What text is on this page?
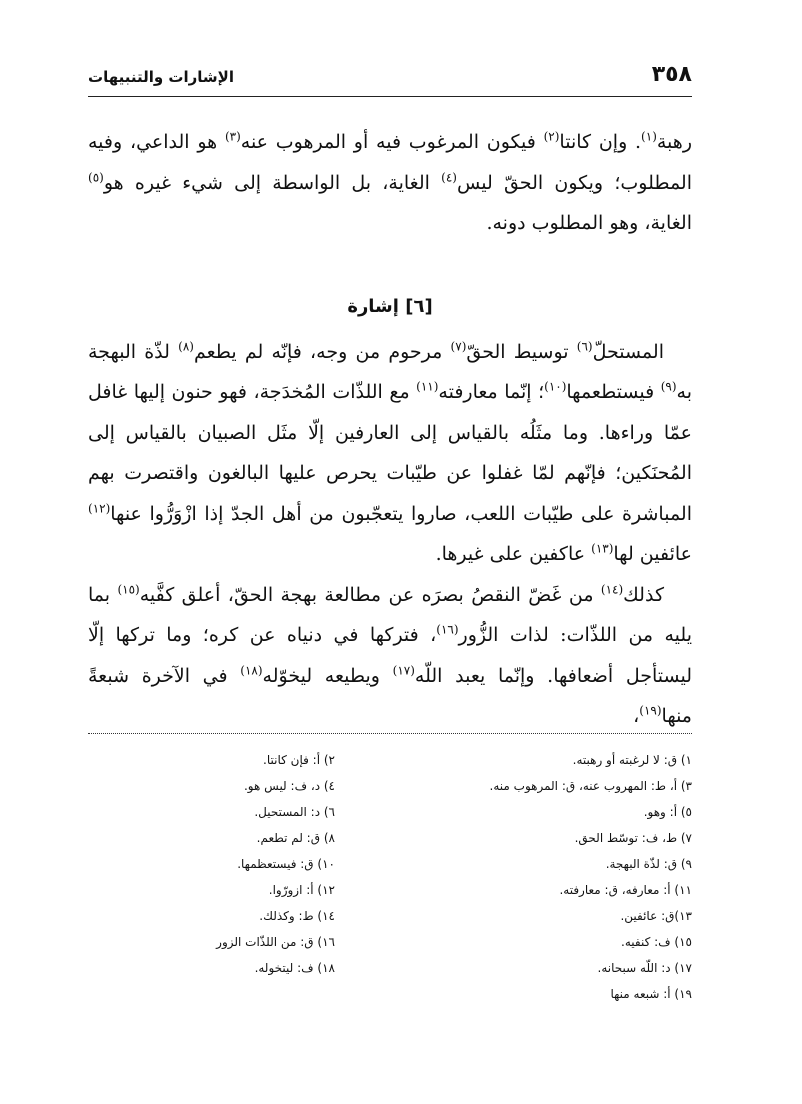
٣٥٨
الإشارات والتنبيهات

رهبة$^{(١)}$. وإن كانتا$^{(٢)}$ فيكون المرغوب فيه أو المرهوب عنه$^{(٣)}$ هو الداعي، وفيه المطلوب؛ ويكون الحقّ ليس$^{(٤)}$ الغاية، بل الواسطة إلى شيء غيره هو$^{(٥)}$ الغاية، وهو المطلوب دونه.

[٦] إشارة

المستحلّ$^{(٦)}$ توسيط الحقّ$^{(٧)}$ مرحوم من وجه، فإنّه لم يطعم$^{(٨)}$ لذّة البهجة به$^{(٩)}$ فيستطعمها$^{(١٠)}$؛ إنّما معارفته$^{(١١)}$ مع اللذّات المُخدَجة، فهو حنون إليها غافل عمّا وراءها. وما مثَلُه بالقياس إلى العارفين إلّا مثَل الصبيان بالقياس إلى المُحنَكين؛ فإنّهم لمّا غفلوا عن طيّبات يحرص عليها البالغون واقتصرت بهم المباشرة على طيّبات اللعب، صاروا يتعجّبون من أهل الجدّ إذا ازْوَرُّوا عنها$^{(١٢)}$ عائفين لها$^{(١٣)}$ عاكفين على غيرها.

كذلك$^{(١٤)}$ من غَضّ النقصُ بصرَه عن مطالعة بهجة الحقّ، أعلق كفَّيه$^{(١٥)}$ بما يليه من اللذّات: لذات الزُّور$^{(١٦)}$، فتركها في دنياه عن كره؛ وما تركها إلّا ليستأجل أضعافها. وإنّما يعبد اللّه$^{(١٧)}$ ويطيعه ليخوّله$^{(١٨)}$ في الآخرة شبعةً منها$^{(١٩)}$،

١) ق: لا لرغبته أو رهبته.
٢) أ: فإن كانتا.
٣) أ، ط: المهروب عنه، ق: المرهوب منه.
٤) د، ف: ليس هو.
٥) أ: وهو.
٦) د: المستحيل.
٧) ط، ف: توسّط الحق.
٨) ق: لم تطعم.
٩) ق: لذّة البهجة.
١٠) ق: فيستعظمها.
١١) أ: معارفه، ق: معارفته.
١٢) أ: ازورّوا.
١٣)ق: عائفين.
١٤) ط: وكذلك.
١٥) ف: كنفيه.
١٦) ق: من اللذّات الزور
١٧) د: اللّه سبحانه.
١٨) ف: ليتخوله.
١٩) أ: شبعه منها
